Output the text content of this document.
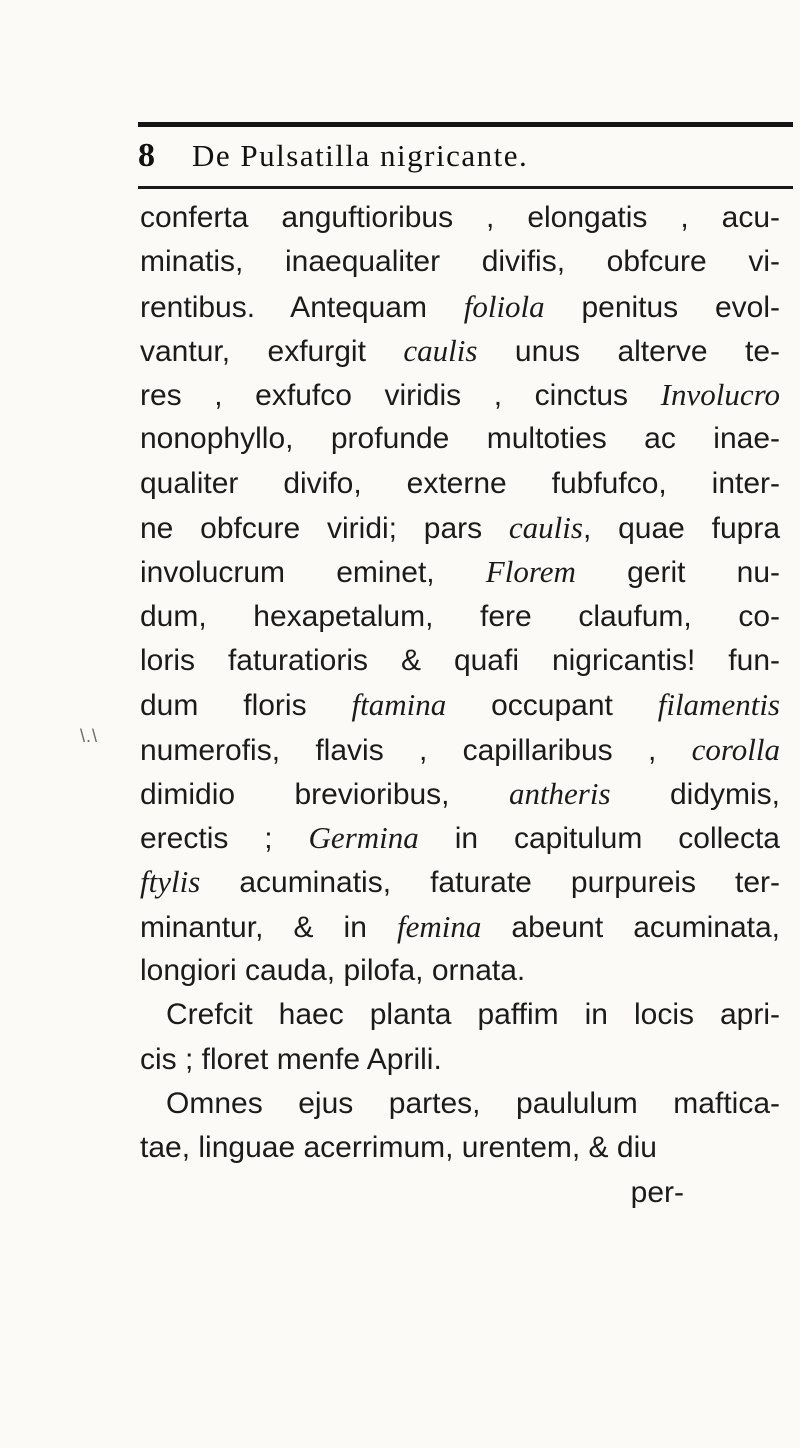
8	De Pulsatilla nigricante.
\.\
conferta anguftioribus , elongatis , acu-
minatis, inaequaliter divifis, obfcure vi-
rentibus. Antequam foliola penitus evol-
vantur, exfurgit caulis unus alterve te-
res , exfufco viridis , cinctus Involucro
nonophyllo, profunde multoties ac inae-
qualiter divifo, externe fubfufco, inter-
ne obfcure viridi; pars caulis, quae fupra
involucrum eminet, Florem gerit nu-
dum, hexapetalum, fere claufum, co-
loris faturatioris & quafi nigricantis! fun-
dum floris ftamina occupant filamentis
numerofis, flavis , capillaribus , corolla
dimidio brevioribus, antheris didymis,
erectis ; Germina in capitulum collecta
ftylis acuminatis, faturate purpureis ter-
minantur, & in femina abeunt acuminata,
longiori cauda, pilofa, ornata.
Crefcit haec planta paffim in locis apri-
cis ; floret menfe Aprili.
Omnes ejus partes, paululum maftica-
tae, linguae acerrimum, urentem, & diu
per-
